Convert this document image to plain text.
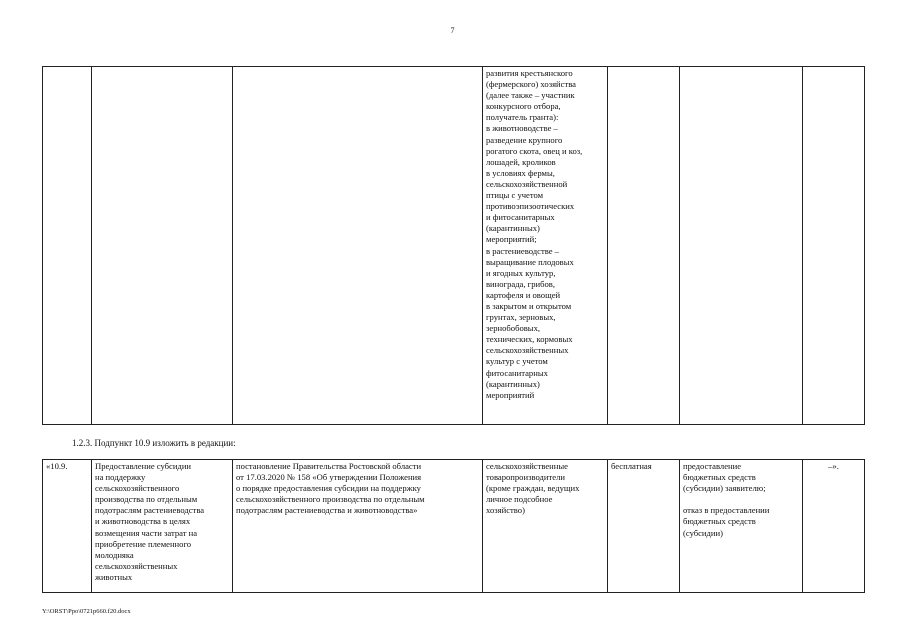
7
			развития крестьянского
(фермерского) хозяйства
(далее также – участник
конкурсного отбора,
получатель гранта):
в животноводстве –
разведение крупного
рогатого скота, овец и коз,
лошадей, кроликов
в условиях фермы,
сельскохозяйственной
птицы с учетом
противоэпизоотических
и фитосанитарных
(карантинных)
мероприятий;
в растениеводстве –
выращивание плодовых
и ягодных культур,
винограда, грибов,
картофеля и овощей
в закрытом и открытом
грунтах, зерновых,
зернобобовых,
технических, кормовых
сельскохозяйственных
культур с учетом
фитосанитарных
(карантинных)
мероприятий			
1.2.3. Подпункт 10.9 изложить в редакции:
«10.9.	Предоставление субсидии
на поддержку
сельскохозяйственного
производства по отдельным
подотраслям растениеводства
и животноводства в целях
возмещения части затрат на
приобретение племенного
молодняка
сельскохозяйственных
животных	постановление Правительства Ростовской области
от 17.03.2020 № 158 «Об утверждении Положения
о порядке предоставления субсидии на поддержку
сельскохозяйственного производства по отдельным
подотраслям растениеводства и животноводства»	сельскохозяйственные
товаропроизводители
(кроме граждан, ведущих
личное подсобное
хозяйство)	бесплатная	предоставление
бюджетных средств
(субсидии) заявителю;

отказ в предоставлении
бюджетных средств
(субсидии)	–».
Y:\ORST\Ppo\0721p660.f20.docx
